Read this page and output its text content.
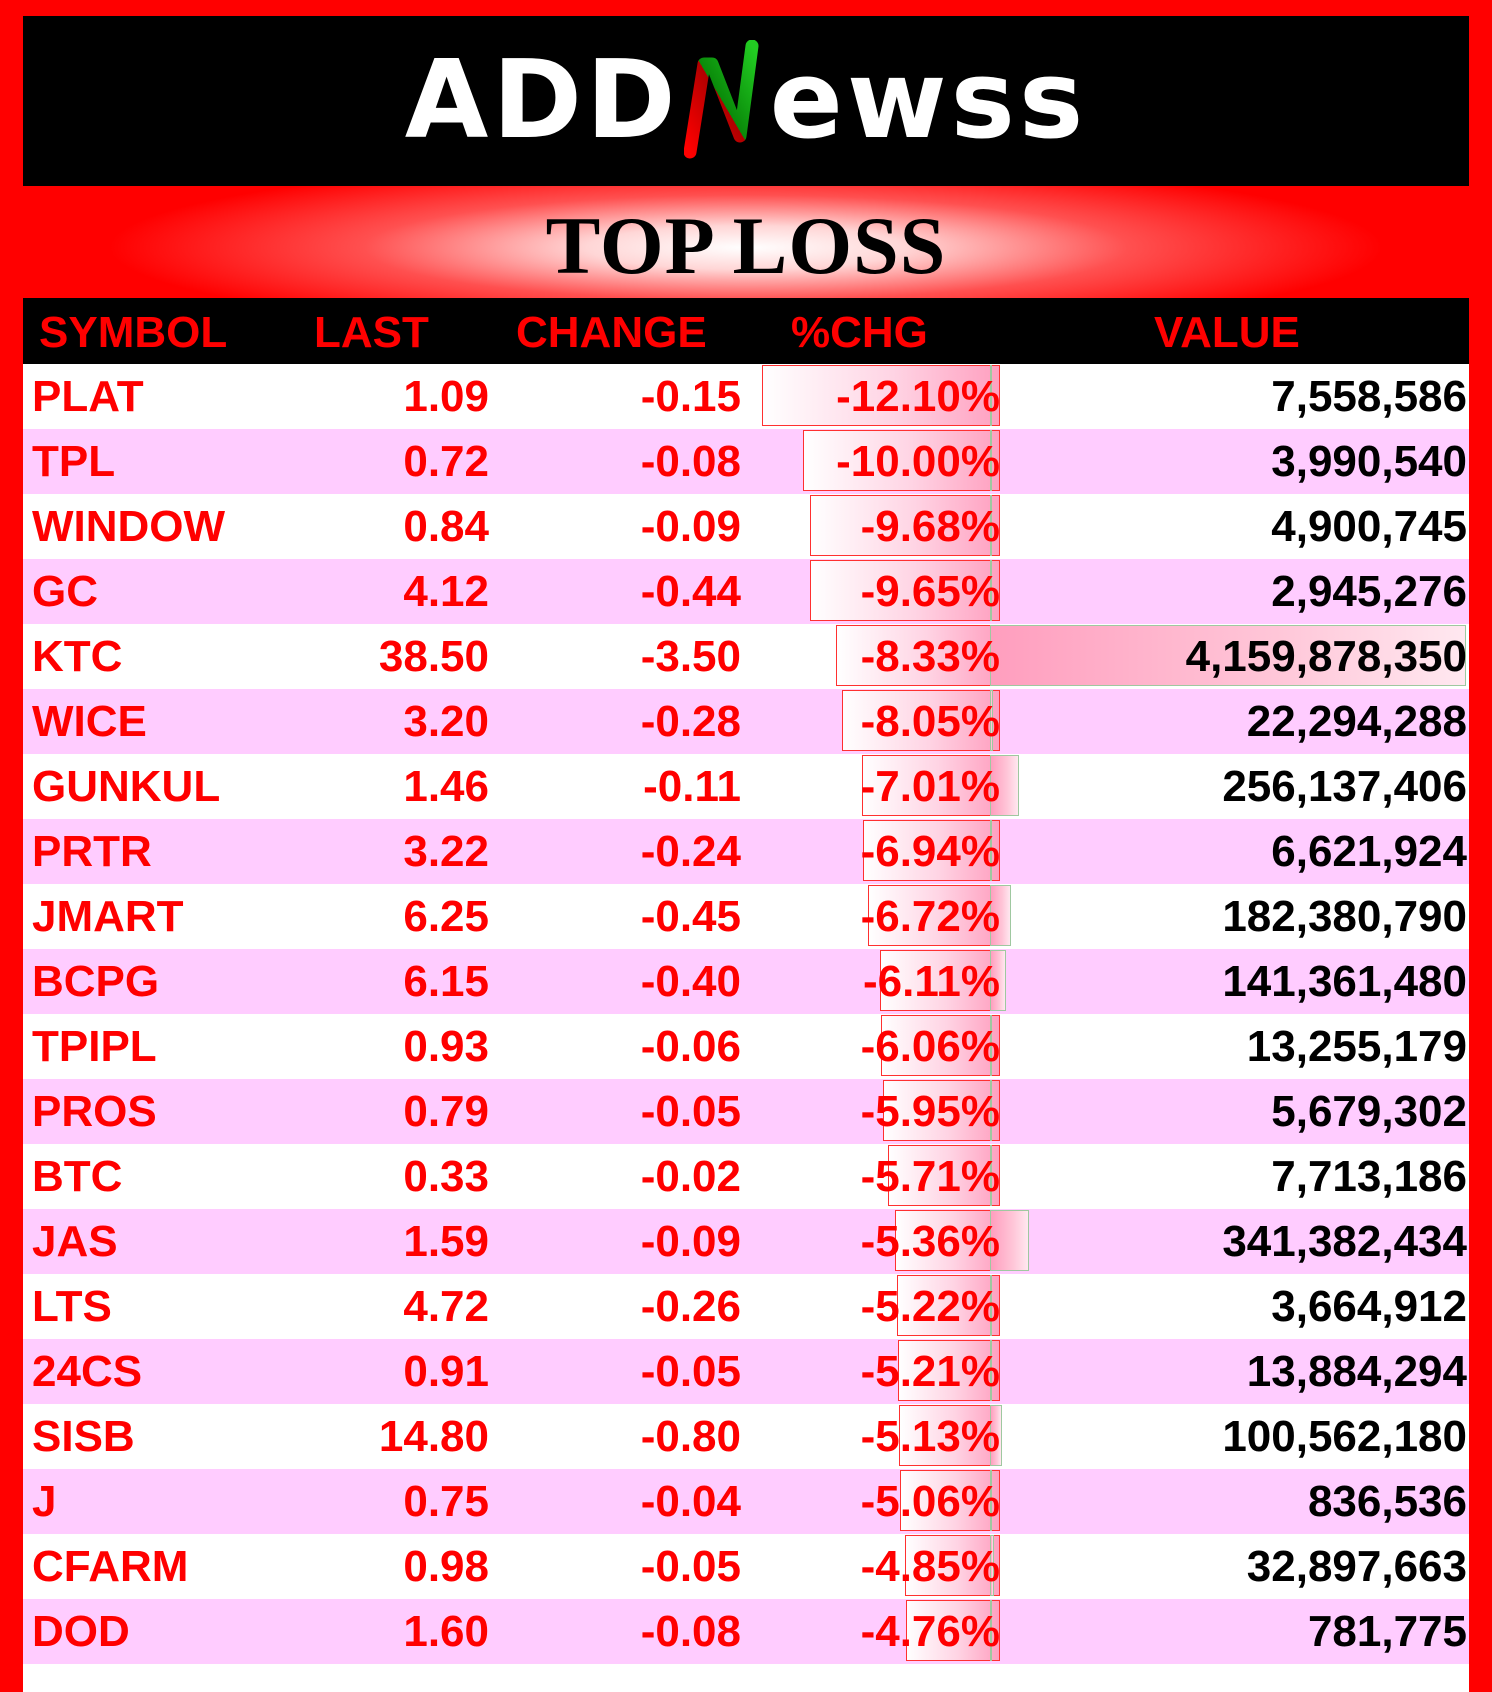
ADD ewss
TOP LOSS
SYMBOL LAST CHANGE %CHG	VALUE
PLAT	1.09	-0.15	-12.10%	7,558,586
TPL	0.72	-0.08	-10.00%	3,990,540
WINDOW	0.84	-0.09	-9.68%	4,900,745
GC	4.12	-0.44	-9.65%	2,945,276
KTC	38.50	-3.50	-8.33%	4,159,878,350
WICE	3.20	-0.28	-8.05%	22,294,288
GUNKUL	1.46	-0.11	-7.01%	256,137,406
PRTR	3.22	-0.24	-6.94%	6,621,924
JMART	6.25	-0.45	-6.72%	182,380,790
BCPG	6.15	-0.40	-6.11%	141,361,480
TPIPL	0.93	-0.06	-6.06%	13,255,179
PROS	0.79	-0.05	-5.95%	5,679,302
BTC	0.33	-0.02	-5.71%	7,713,186
JAS	1.59	-0.09	-5.36%	341,382,434
LTS	4.72	-0.26	-5.22%	3,664,912
24CS	0.91	-0.05	-5.21%	13,884,294
SISB	14.80	-0.80	-5.13%	100,562,180
J	0.75	-0.04	-5.06%	836,536
CFARM	0.98	-0.05	-4.85%	32,897,663
DOD	1.60	-0.08	-4.76%	781,775
